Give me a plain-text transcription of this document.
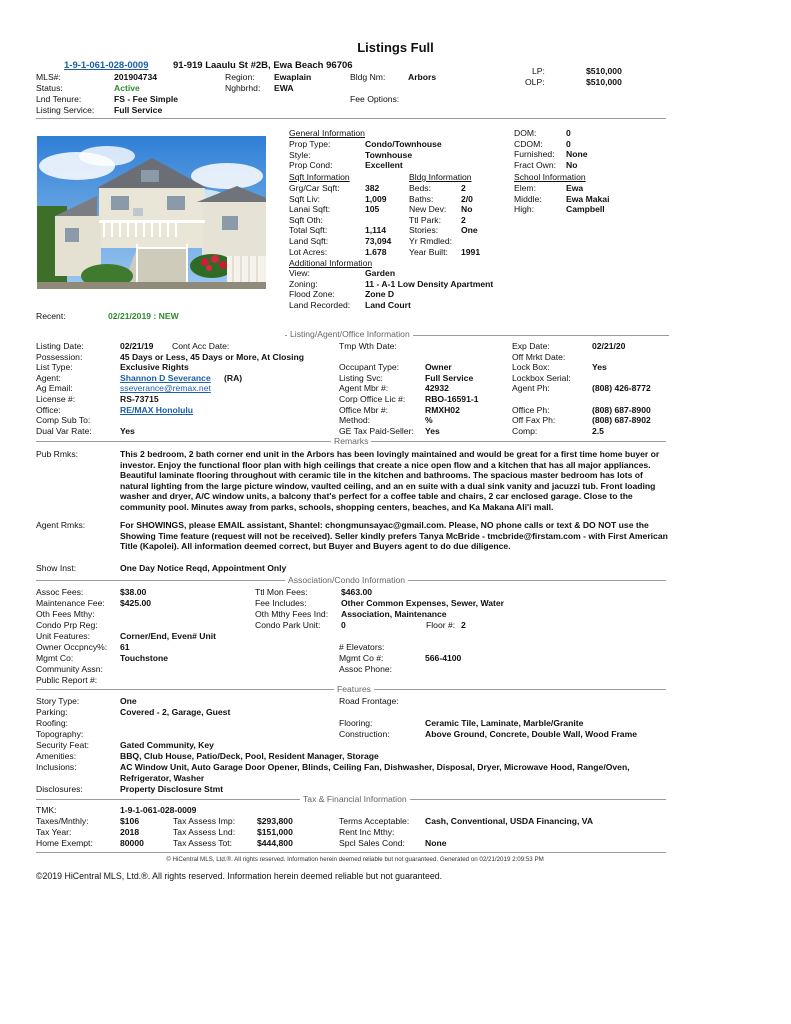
Listings Full
1-9-1-061-028-0009	91-919 Laaulu St #2B, Ewa Beach 96706	LP:	$510,000
OLP:	$510,000
MLS#:	201904734	Region: Ewaplain	Bldg Nm:	Arbors
Status:	Active	Nghbrhd: EWA
Lnd Tenure:	FS - Fee Simple	Fee Options:
Listing Service: Full Service
General Information
Prop Type:	Condo/Townhouse
Style:	Townhouse
Prop Cond:	Excellent
DOM:	0
CDOM:	0
Furnished: None
Fract Own: No
Sqft Information
Grg/Car Sqft:	382
Sqft Liv:	1,009
Lanai Sqft:	105
Sqft Oth:
Total Sqft:	1,114
Land Sqft:	73,094
Lot Acres:	1.678
Bldg Information
Beds:	2
Baths:	2/0
New Dev: No
Ttl Park: 2
Stories:	One
Yr Rmdled:
Year Built: 1991
School Information
Elem:	Ewa
Middle:	Ewa Makai
High:	Campbell
Additional Information
View:	Garden
Zoning:	11 - A-1 Low Density Apartment
Flood Zone:	Zone D
Land Recorded: Land Court
Recent:	02/21/2019 : NEW
Listing/Agent/Office Information
Listing Date:	02/21/19 Cont Acc Date:
Possession:	45 Days or Less, 45 Days or More, At Closing
List Type:	Exclusive Rights
Agent:	Shannon D Severance (RA)
Ag Email:	sseverance@remax.net
License #:	RS-73715
Office:	RE/MAX Honolulu
Comp Sub To:
Dual Var Rate:	Yes
Tmp Wth Date:
Occupant Type:	Owner
Listing Svc:	Full Service
Agent Mbr #:	42932
Corp Office Lic #: RBO-16591-1
Office Mbr #:	RMXH02
Method:	%
GE Tax Paid-Seller: Yes
Exp Date:	02/21/20
Off Mrkt Date:
Lock Box:	Yes
Lockbox Serial:
Agent Ph:	(808) 426-8772
Office Ph:	(808) 687-8900
Off Fax Ph:	(808) 687-8902
Comp:	2.5
Remarks
Pub Rmks:	This 2 bedroom, 2 bath corner end unit in the Arbors has been lovingly maintained and would be great for a first time home buyer or investor. Enjoy the functional floor plan with high ceilings that create a nice open flow and a kitchen that has all major appliances. Beautiful laminate flooring throughout with ceramic tile in the kitchen and bathrooms. The spacious master bedroom has lots of natural lighting from the large picture window, vaulted ceiling, and an en suite with a dual sink vanity and jacuzzi tub. Front loading washer and dryer, A/C window units, a balcony that's perfect for a coffee table and chairs, 2 car enclosed garage. Close to the community pool. Minutes away from parks, schools, shopping centers, beaches, and Ka Makana Ali'i mall.
Agent Rmks:	For SHOWINGS, please EMAIL assistant, Shantel: chongmunsayac@gmail.com. Please, NO phone calls or text & DO NOT use the Showing Time feature (request will not be received). Seller kindly prefers Tanya McBride - tmcbride@firstam.com - with First American Title (Kapolei). All information deemed correct, but Buyer and Buyers agent to do due diligence.
Show Inst:	One Day Notice Reqd, Appointment Only
Association/Condo Information
Assoc Fees:	$38.00	Ttl Mon Fees:	$463.00
Maintenance Fee: $425.00	Fee Includes:	Other Common Expenses, Sewer, Water
Oth Fees Mthy:	Oth Mthy Fees Ind: Association, Maintenance
Condo Prp Reg:	Condo Park Unit: 0	Floor #: 2
Unit Features:	Corner/End, Even# Unit
Owner Occpncy%: 61	# Elevators:
Mgmt Co:	Touchstone	Mgmt Co #:	566-4100
Community Assn:	Assoc Phone:
Public Report #:
Features
Story Type:	One	Road Frontage:
Parking:	Covered - 2, Garage, Guest
Roofing:	Flooring:	Ceramic Tile, Laminate, Marble/Granite
Topography:	Construction:	Above Ground, Concrete, Double Wall, Wood Frame
Security Feat:	Gated Community, Key
Amenities:	BBQ, Club House, Patio/Deck, Pool, Resident Manager, Storage
Inclusions:	AC Window Unit, Auto Garage Door Opener, Blinds, Ceiling Fan, Dishwasher, Disposal, Dryer, Microwave Hood, Range/Oven, Refrigerator, Washer
Disclosures:	Property Disclosure Stmt
Tax & Financial Information
TMK:	1-9-1-061-028-0009
Taxes/Mnthly:	$106	Tax Assess Imp:	$293,800	Terms Acceptable: Cash, Conventional, USDA Financing, VA
Tax Year:	2018	Tax Assess Lnd:	$151,000	Rent Inc Mthy:
Home Exempt:	80000	Tax Assess Tot:	$444,800	Spcl Sales Cond: None
© HiCentral MLS, Ltd.®. All rights reserved. Information herein deemed reliable but not guaranteed. Generated on 02/21/2019 2:09:53 PM
©2019 HiCentral MLS, Ltd.®. All rights reserved. Information herein deemed reliable but not guaranteed.
